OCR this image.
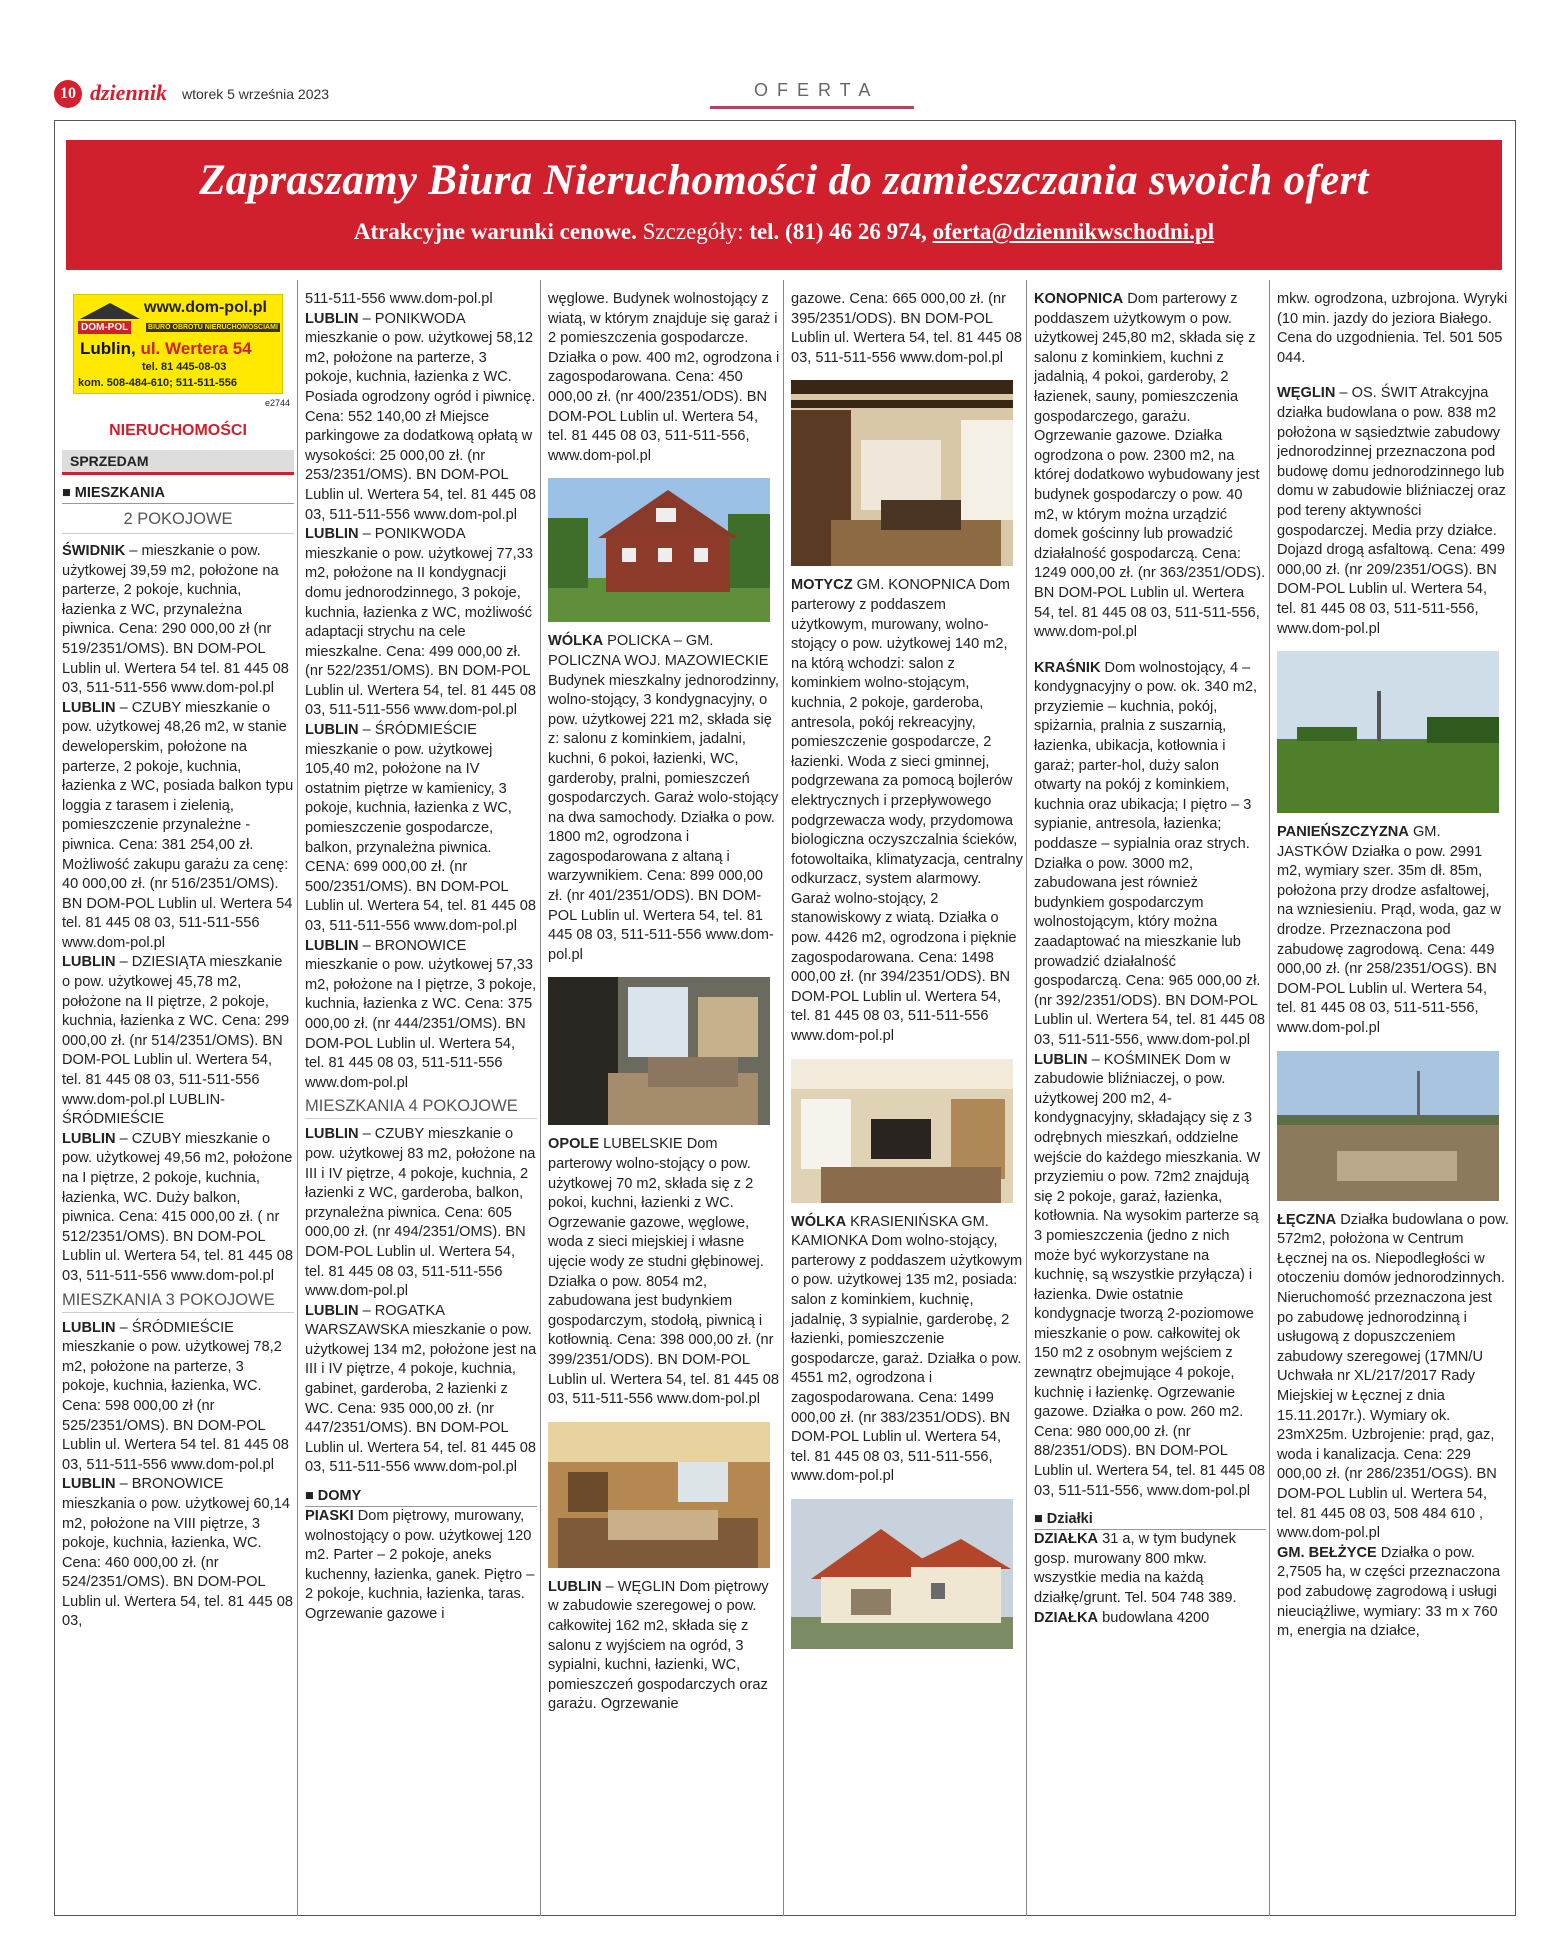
10 dziennik wtorek 5 września 2023	OFERTA
Zapraszamy Biura Nieruchomości do zamieszczania swoich ofert
Atrakcyjne warunki cenowe. Szczegóły: tel. (81) 46 26 974, oferta@dziennikwschodni.pl
www.dom-pol.pl
DOM-POL	BIURO OBROTU NIERUCHOMOŚCIAMI
Lublin, ul. Wertera 54
tel. 81 445-08-03
kom. 508-484-610; 511-511-556
e2744
NIERUCHOMOŚCI
SPRZEDAM
■ MIESZKANIA
2 POKOJOWE

ŚWIDNIK – mieszkanie o pow. użytkowej 39,59 m2, położone na parterze, 2 pokoje, kuchnia, łazienka z WC, przynależna piwnica. Cena: 290 000,00 zł (nr 519/2351/OMS). BN DOM-POL Lublin ul. Wertera 54 tel. 81 445 08 03, 511-511-556 www.dom-pol.pl

LUBLIN – CZUBY mieszkanie o pow. użytkowej 48,26 m2, w stanie deweloperskim, położone na parterze, 2 pokoje, kuchnia, łazienka z WC, posiada balkon typu loggia z tarasem i zielenią, pomieszczenie przynależne - piwnica. Cena: 381 254,00 zł. Możliwość zakupu garażu za cenę: 40 000,00 zł. (nr 516/2351/OMS). BN DOM-POL Lublin ul. Wertera 54 tel. 81 445 08 03, 511-511-556 www.dom-pol.pl

LUBLIN – DZIESIĄTA mieszkanie o pow. użytkowej 45,78 m2, położone na II piętrze, 2 pokoje, kuchnia, łazienka z WC. Cena: 299 000,00 zł. (nr 514/2351/OMS). BN DOM-POL Lublin ul. Wertera 54, tel. 81 445 08 03, 511-511-556 www.dom-pol.pl LUBLIN- ŚRÓDMIEŚCIE

LUBLIN – CZUBY mieszkanie o pow. użytkowej 49,56 m2, położone na I piętrze, 2 pokoje, kuchnia, łazienka, WC. Duży balkon, piwnica. Cena: 415 000,00 zł. ( nr 512/2351/OMS). BN DOM-POL Lublin ul. Wertera 54, tel. 81 445 08 03, 511-511-556 www.dom-pol.pl

MIESZKANIA 3 POKOJOWE

LUBLIN – ŚRÓDMIEŚCIE mieszkanie o pow. użytkowej 78,2 m2, położone na parterze, 3 pokoje, kuchnia, łazienka, WC. Cena: 598 000,00 zł (nr 525/2351/OMS). BN DOM-POL Lublin ul. Wertera 54 tel. 81 445 08 03, 511-511-556 www.dom-pol.pl

LUBLIN – BRONOWICE mieszkania o pow. użytkowej 60,14 m2, położone na VIII piętrze, 3 pokoje, kuchnia, łazienka, WC. Cena: 460 000,00 zł. (nr 524/2351/OMS). BN DOM-POL Lublin ul. Wertera 54, tel. 81 445 08 03,

511-511-556 www.dom-pol.pl

LUBLIN – PONIKWODA mieszkanie o pow. użytkowej 58,12 m2, położone na parterze, 3 pokoje, kuchnia, łazienka z WC. Posiada ogrodzony ogród i piwnicę. Cena: 552 140,00 zł Miejsce parkingowe za dodatkową opłatą w wysokości: 25 000,00 zł. (nr 253/2351/OMS). BN DOM-POL Lublin ul. Wertera 54, tel. 81 445 08 03, 511-511-556 www.dom-pol.pl

LUBLIN – PONIKWODA mieszkanie o pow. użytkowej 77,33 m2, położone na II kondygnacji domu jednorodzinnego, 3 pokoje, kuchnia, łazienka z WC, możliwość adaptacji strychu na cele mieszkalne. Cena: 499 000,00 zł. (nr 522/2351/OMS). BN DOM-POL Lublin ul. Wertera 54, tel. 81 445 08 03, 511-511-556 www.dom-pol.pl

LUBLIN – ŚRÓDMIEŚCIE mieszkanie o pow. użytkowej 105,40 m2, położone na IV ostatnim piętrze w kamienicy, 3 pokoje, kuchnia, łazienka z WC, pomieszczenie gospodarcze, balkon, przynależna piwnica. CENA: 699 000,00 zł. (nr 500/2351/OMS). BN DOM-POL Lublin ul. Wertera 54, tel. 81 445 08 03, 511-511-556 www.dom-pol.pl

LUBLIN – BRONOWICE mieszkanie o pow. użytkowej 57,33 m2, położone na I piętrze, 3 pokoje, kuchnia, łazienka z WC. Cena: 375 000,00 zł. (nr 444/2351/OMS). BN DOM-POL Lublin ul. Wertera 54, tel. 81 445 08 03, 511-511-556 www.dom-pol.pl

MIESZKANIA 4 POKOJOWE

LUBLIN – CZUBY mieszkanie o pow. użytkowej 83 m2, położone na III i IV piętrze, 4 pokoje, kuchnia, 2 łazienki z WC, garderoba, balkon, przynależna piwnica. Cena: 605 000,00 zł. (nr 494/2351/OMS). BN DOM-POL Lublin ul. Wertera 54, tel. 81 445 08 03, 511-511-556 www.dom-pol.pl

LUBLIN – ROGATKA WARSZAWSKA mieszkanie o pow. użytkowej 134 m2, położone jest na III i IV piętrze, 4 pokoje, kuchnia, gabinet, garderoba, 2 łazienki z WC. Cena: 935 000,00 zł. (nr 447/2351/OMS). BN DOM-POL Lublin ul. Wertera 54, tel. 81 445 08 03, 511-511-556 www.dom-pol.pl

■ DOMY

PIASKI Dom piętrowy, murowany, wolnostojący o pow. użytkowej 120 m2. Parter – 2 pokoje, aneks kuchenny, łazienka, ganek. Piętro – 2 pokoje, kuchnia, łazienka, taras. Ogrzewanie gazowe i

węglowe. Budynek wolnostojący z wiatą, w którym znajduje się garaż i 2 pomieszczenia gospodarcze. Działka o pow. 400 m2, ogrodzona i zagospodarowana. Cena: 450 000,00 zł. (nr 400/2351/ODS). BN DOM-POL Lublin ul. Wertera 54, tel. 81 445 08 03, 511-511-556, www.dom-pol.pl

WÓLKA POLICKA – GM. POLICZNA WOJ. MAZOWIECKIE Budynek mieszkalny jednorodzinny, wolno-stojący, 3 kondygnacyjny, o pow. użytkowej 221 m2, składa się z: salonu z kominkiem, jadalni, kuchni, 6 pokoi, łazienki, WC, garderoby, pralni, pomieszczeń gospodarczych. Garaż wolo-stojący na dwa samochody. Działka o pow. 1800 m2, ogrodzona i zagospodarowana z altaną i warzywnikiem. Cena: 899 000,00 zł. (nr 401/2351/ODS). BN DOM-POL Lublin ul. Wertera 54, tel. 81 445 08 03, 511-511-556 www.dom-pol.pl

OPOLE LUBELSKIE Dom parterowy wolno-stojący o pow. użytkowej 70 m2, składa się z 2 pokoi, kuchni, łazienki z WC. Ogrzewanie gazowe, węglowe, woda z sieci miejskiej i własne ujęcie wody ze studni głębinowej. Działka o pow. 8054 m2, zabudowana jest budynkiem gospodarczym, stodołą, piwnicą i kotłownią. Cena: 398 000,00 zł. (nr 399/2351/ODS). BN DOM-POL Lublin ul. Wertera 54, tel. 81 445 08 03, 511-511-556 www.dom-pol.pl

LUBLIN – WĘGLIN Dom piętrowy w zabudowie szeregowej o pow. całkowitej 162 m2, składa się z salonu z wyjściem na ogród, 3 sypialni, kuchni, łazienki, WC, pomieszczeń gospodarczych oraz garażu. Ogrzewanie

gazowe. Cena: 665 000,00 zł. (nr 395/2351/ODS). BN DOM-POL Lublin ul. Wertera 54, tel. 81 445 08 03, 511-511-556 www.dom-pol.pl

MOTYCZ GM. KONOPNICA Dom parterowy z poddaszem użytkowym, murowany, wolno-stojący o pow. użytkowej 140 m2, na którą wchodzi: salon z kominkiem wolno-stojącym, kuchnia, 2 pokoje, garderoba, antresola, pokój rekreacyjny, pomieszczenie gospodarcze, 2 łazienki. Woda z sieci gminnej, podgrzewana za pomocą bojlerów elektrycznych i przepływowego podgrzewacza wody, przydomowa biologiczna oczyszczalnia ścieków, fotowoltaika, klimatyzacja, centralny odkurzacz, system alarmowy. Garaż wolno-stojący, 2 stanowiskowy z wiatą. Działka o pow. 4426 m2, ogrodzona i pięknie zagospodarowana. Cena: 1498 000,00 zł. (nr 394/2351/ODS). BN DOM-POL Lublin ul. Wertera 54, tel. 81 445 08 03, 511-511-556 www.dom-pol.pl

WÓLKA KRASIENIŃSKA GM. KAMIONKA Dom wolno-stojący, parterowy z poddaszem użytkowym o pow. użytkowej 135 m2, posiada: salon z kominkiem, kuchnię, jadalnię, 3 sypialnie, garderobę, 2 łazienki, pomieszczenie gospodarcze, garaż. Działka o pow. 4551 m2, ogrodzona i zagospodarowana. Cena: 1499 000,00 zł. (nr 383/2351/ODS). BN DOM-POL Lublin ul. Wertera 54, tel. 81 445 08 03, 511-511-556, www.dom-pol.pl

KONOPNICA Dom parterowy z poddaszem użytkowym o pow. użytkowej 245,80 m2, składa się z salonu z kominkiem, kuchni z jadalnią, 4 pokoi, garderoby, 2 łazienek, sauny, pomieszczenia gospodarczego, garażu. Ogrzewanie gazowe. Działka ogrodzona o pow. 2300 m2, na której dodatkowo wybudowany jest budynek gospodarczy o pow. 40 m2, w którym można urządzić domek gościnny lub prowadzić działalność gospodarczą. Cena: 1249 000,00 zł. (nr 363/2351/ODS). BN DOM-POL Lublin ul. Wertera 54, tel. 81 445 08 03, 511-511-556, www.dom-pol.pl

KRAŚNIK Dom wolnostojący, 4 – kondygnacyjny o pow. ok. 340 m2, przyziemie – kuchnia, pokój, spiżarnia, pralnia z suszarnią, łazienka, ubikacja, kotłownia i garaż; parter-hol, duży salon otwarty na pokój z kominkiem, kuchnia oraz ubikacja; I piętro – 3 sypianie, antresola, łazienka; poddasze – sypialnia oraz strych. Działka o pow. 3000 m2, zabudowana jest również budynkiem gospodarczym wolnostojącym, który można zaadaptować na mieszkanie lub prowadzić działalność gospodarczą. Cena: 965 000,00 zł. (nr 392/2351/ODS). BN DOM-POL Lublin ul. Wertera 54, tel. 81 445 08 03, 511-511-556, www.dom-pol.pl

LUBLIN – KOŚMINEK Dom w zabudowie bliźniaczej, o pow. użytkowej 200 m2, 4-kondygnacyjny, składający się z 3 odrębnych mieszkań, oddzielne wejście do każdego mieszkania. W przyziemiu o pow. 72m2 znajdują się 2 pokoje, garaż, łazienka, kotłownia. Na wysokim parterze są 3 pomieszczenia (jedno z nich może być wykorzystane na kuchnię, są wszystkie przyłącza) i łazienka. Dwie ostatnie kondygnacje tworzą 2-poziomowe mieszkanie o pow. całkowitej ok 150 m2 z osobnym wejściem z zewnątrz obejmujące 4 pokoje, kuchnię i łazienkę. Ogrzewanie gazowe. Działka o pow. 260 m2. Cena: 980 000,00 zł. (nr 88/2351/ODS). BN DOM-POL Lublin ul. Wertera 54, tel. 81 445 08 03, 511-511-556, www.dom-pol.pl

■ Działki

DZIAŁKA 31 a, w tym budynek gosp. murowany 800 mkw. wszystkie media na każdą działkę/grunt. Tel. 504 748 389.

DZIAŁKA budowlana 4200

mkw. ogrodzona, uzbrojona. Wyryki (10 min. jazdy do jeziora Białego. Cena do uzgodnienia. Tel. 501 505 044.

WĘGLIN – OS. ŚWIT Atrakcyjna działka budowlana o pow. 838 m2 położona w sąsiedztwie zabudowy jednorodzinnej przeznaczona pod budowę domu jednorodzinnego lub domu w zabudowie bliźniaczej oraz pod tereny aktywności gospodarczej. Media przy działce. Dojazd drogą asfaltową. Cena: 499 000,00 zł. (nr 209/2351/OGS). BN DOM-POL Lublin ul. Wertera 54, tel. 81 445 08 03, 511-511-556, www.dom-pol.pl

PANIEŃSZCZYZNA GM. JASTKÓW Działka o pow. 2991 m2, wymiary szer. 35m dł. 85m, położona przy drodze asfaltowej, na wzniesieniu. Prąd, woda, gaz w drodze. Przeznaczona pod zabudowę zagrodową. Cena: 449 000,00 zł. (nr 258/2351/OGS). BN DOM-POL Lublin ul. Wertera 54, tel. 81 445 08 03, 511-511-556, www.dom-pol.pl

ŁĘCZNA Działka budowlana o pow. 572m2, położona w Centrum Łęcznej na os. Niepodległości w otoczeniu domów jednorodzinnych. Nieruchomość przeznaczona jest po zabudowę jednorodzinną i usługową z dopuszczeniem zabudowy szeregowej (17MN/U Uchwała nr XL/217/2017 Rady Miejskiej w Łęcznej z dnia 15.11.2017r.). Wymiary ok. 23mX25m. Uzbrojenie: prąd, gaz, woda i kanalizacja. Cena: 229 000,00 zł. (nr 286/2351/OGS). BN DOM-POL Lublin ul. Wertera 54, tel. 81 445 08 03, 508 484 610 , www.dom-pol.pl

GM. BEŁŻYCE Działka o pow. 2,7505 ha, w części przeznaczona pod zabudowę zagrodową i usługi nieuciążliwe, wymiary: 33 m x 760 m, energia na działce,
